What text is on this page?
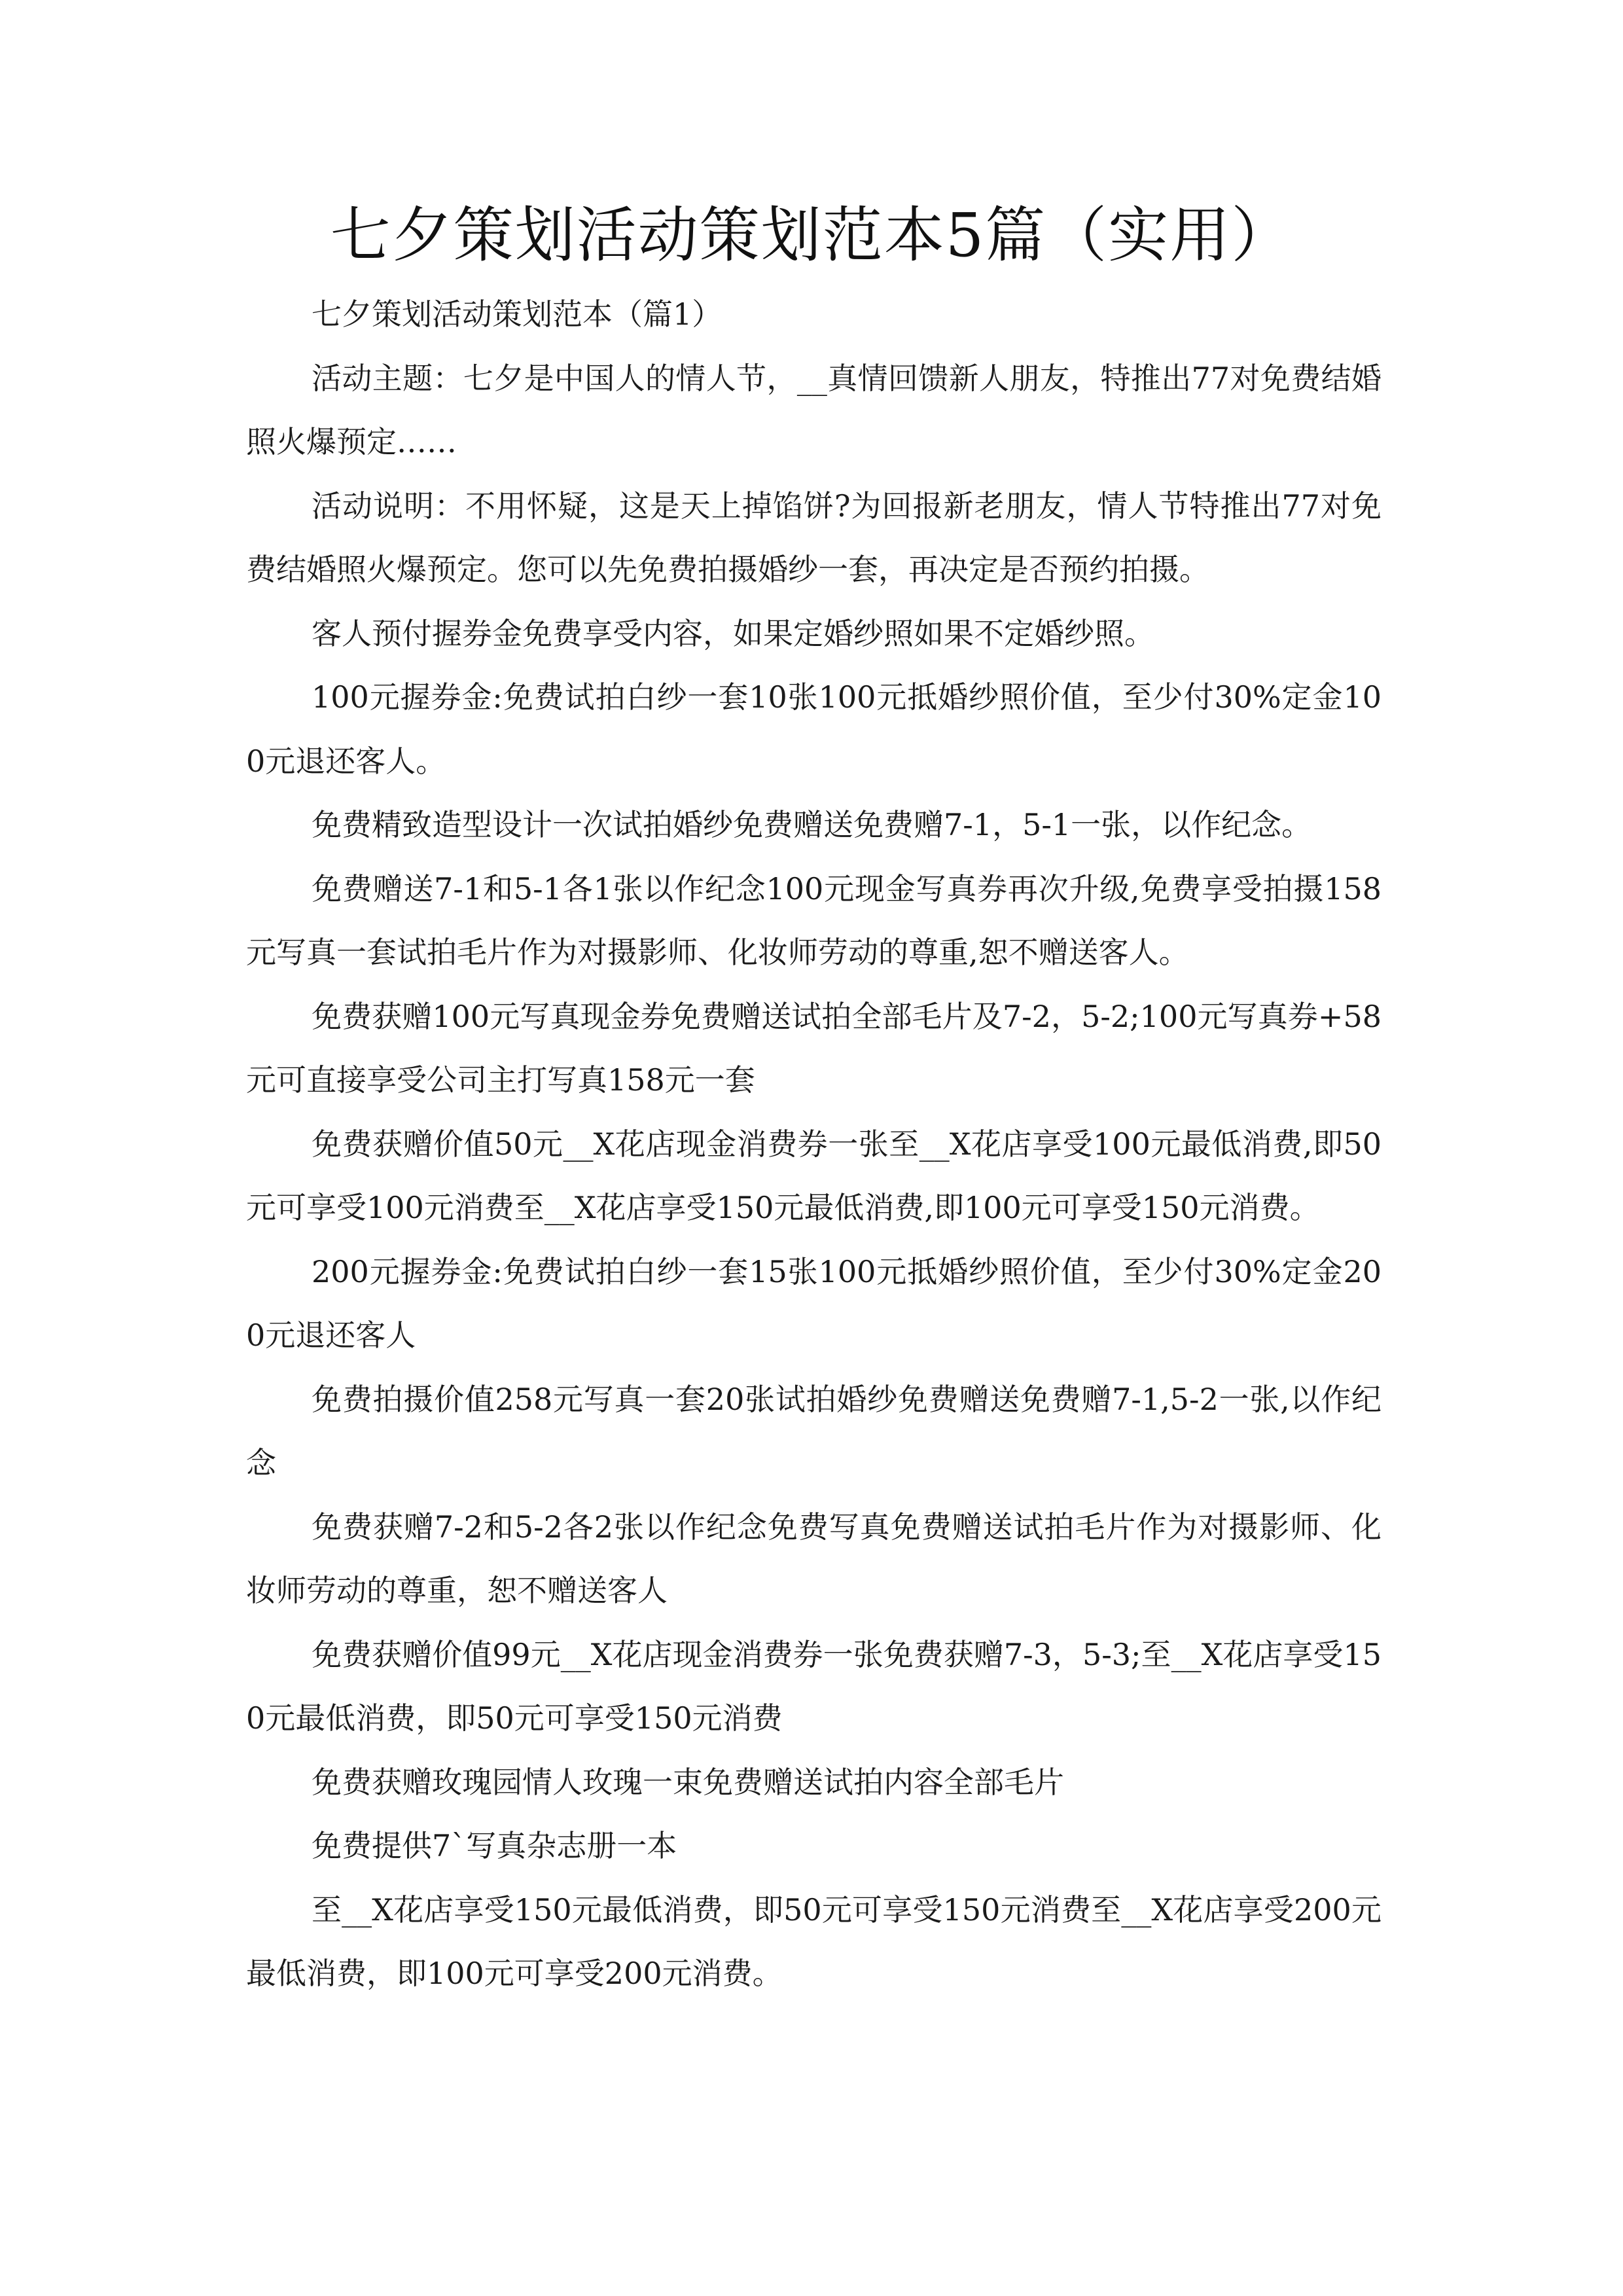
七夕策划活动策划范本5篇（实用）

七夕策划活动策划范本（篇1）

活动主题：七夕是中国人的情人节，__真情回馈新人朋友，特推出77对免费结婚照火爆预定……

活动说明：不用怀疑，这是天上掉馅饼?为回报新老朋友，情人节特推出77对免费结婚照火爆预定。您可以先免费拍摄婚纱一套，再决定是否预约拍摄。

客人预付握券金免费享受内容，如果定婚纱照如果不定婚纱照。

100元握券金:免费试拍白纱一套10张100元抵婚纱照价值，至少付30%定金100元退还客人。

免费精致造型设计一次试拍婚纱免费赠送免费赠7-1，5-1一张，以作纪念。

免费赠送7-1和5-1各1张以作纪念100元现金写真券再次升级,免费享受拍摄158元写真一套试拍毛片作为对摄影师、化妆师劳动的尊重,恕不赠送客人。

免费获赠100元写真现金券免费赠送试拍全部毛片及7-2，5-2;100元写真券+58元可直接享受公司主打写真158元一套

免费获赠价值50元__X花店现金消费券一张至__X花店享受100元最低消费,即50元可享受100元消费至__X花店享受150元最低消费,即100元可享受150元消费。

200元握券金:免费试拍白纱一套15张100元抵婚纱照价值，至少付30%定金200元退还客人

免费拍摄价值258元写真一套20张试拍婚纱免费赠送免费赠7-1,5-2一张,以作纪念

免费获赠7-2和5-2各2张以作纪念免费写真免费赠送试拍毛片作为对摄影师、化妆师劳动的尊重，恕不赠送客人

免费获赠价值99元__X花店现金消费券一张免费获赠7-3，5-3;至__X花店享受150元最低消费，即50元可享受150元消费

免费获赠玫瑰园情人玫瑰一束免费赠送试拍内容全部毛片

免费提供7`写真杂志册一本

至__X花店享受150元最低消费，即50元可享受150元消费至__X花店享受200元最低消费，即100元可享受200元消费。
